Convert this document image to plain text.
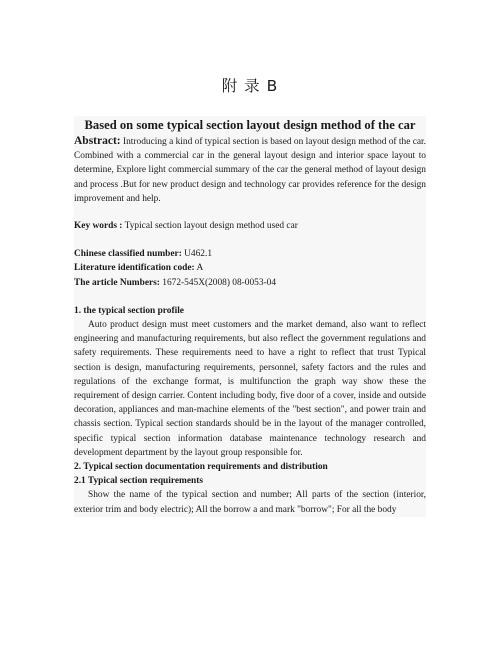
附 录 B
Based on some typical section layout design method of the car

Abstract: Introducing a kind of typical section is based on layout design method of the car. Combined with a commercial car in the general layout design and interior space layout to determine, Explore light commercial summary of the car the general method of layout design and process .But for new product design and technology car provides reference for the design improvement and help.

Key words : Typical section layout design method used car

Chinese classified number: U462.1

Literature identification code: A

The article Numbers: 1672-545X(2008) 08-0053-04

1. the typical section profile

Auto product design must meet customers and the market demand, also want to reflect engineering and manufacturing requirements, but also reflect the government regulations and safety requirements. These requirements need to have a right to reflect that trust Typical section is design, manufacturing requirements, personnel, safety factors and the rules and regulations of the exchange format, is multifunction the graph way show these the requirement of design carrier. Content including body, five door of a cover, inside and outside decoration, appliances and man-machine elements of the "best section", and power train and chassis section. Typical section standards should be in the layout of the manager controlled, specific typical section information database maintenance technology research and development department by the layout group responsible for.

2. Typical section documentation requirements and distribution

2.1 Typical section requirements

Show the name of the typical section and number; All parts of the section (interior, exterior trim and body electric); All the borrow a and mark "borrow"; For all the body
